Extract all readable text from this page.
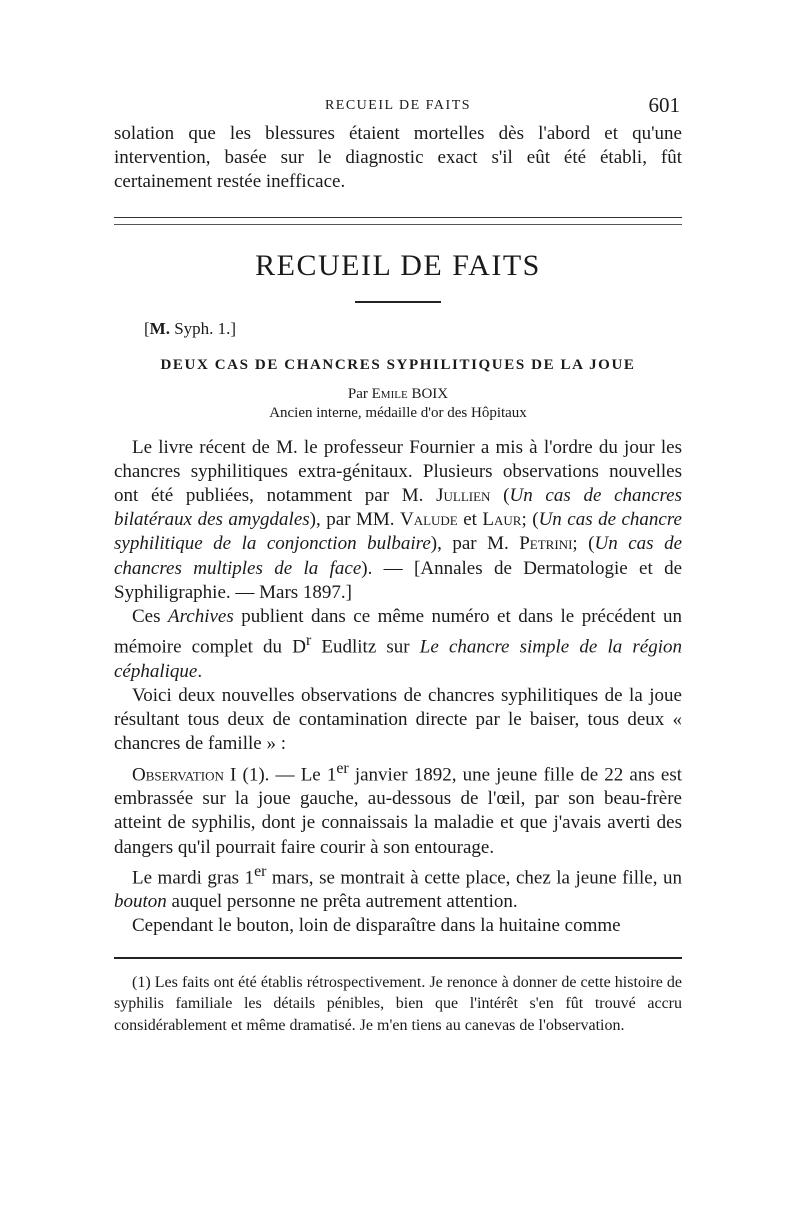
RECUEIL DE FAITS	601

solation que les blessures étaient mortelles dès l'abord et qu'une intervention, basée sur le diagnostic exact s'il eût été établi, fût certainement restée inefficace.

RECUEIL DE FAITS
[M. Syph. 1.]
DEUX CAS DE CHANCRES SYPHILITIQUES DE LA JOUE
Par Emile BOIX
Ancien interne, médaille d'or des Hôpitaux

Le livre récent de M. le professeur Fournier a mis à l'ordre du jour les chancres syphilitiques extra-génitaux. Plusieurs observations nouvelles ont été publiées, notamment par M. Jullien (Un cas de chancres bilatéraux des amygdales), par MM. Valude et Laur; (Un cas de chancre syphilitique de la conjonction bulbaire), par M. Petrini; (Un cas de chancres multiples de la face). — [Annales de Dermatologie et de Syphiligraphie. — Mars 1897.]

Ces Archives publient dans ce même numéro et dans le précédent un mémoire complet du $D^r$ Eudlitz sur Le chancre simple de la région céphalique.

Voici deux nouvelles observations de chancres syphilitiques de la joue résultant tous deux de contamination directe par le baiser, tous deux « chancres de famille » :

Observation I (1). — Le 1er janvier 1892, une jeune fille de 22 ans est embrassée sur la joue gauche, au-dessous de l'œil, par son beau-frère atteint de syphilis, dont je connaissais la maladie et que j'avais averti des dangers qu'il pourrait faire courir à son entourage.

Le mardi gras 1er mars, se montrait à cette place, chez la jeune fille, un bouton auquel personne ne prêta autrement attention.

Cependant le bouton, loin de disparaître dans la huitaine comme

(1) Les faits ont été établis rétrospectivement. Je renonce à donner de cette histoire de syphilis familiale les détails pénibles, bien que l'intérêt s'en fût trouvé accru considérablement et même dramatisé. Je m'en tiens au canevas de l'observation.
